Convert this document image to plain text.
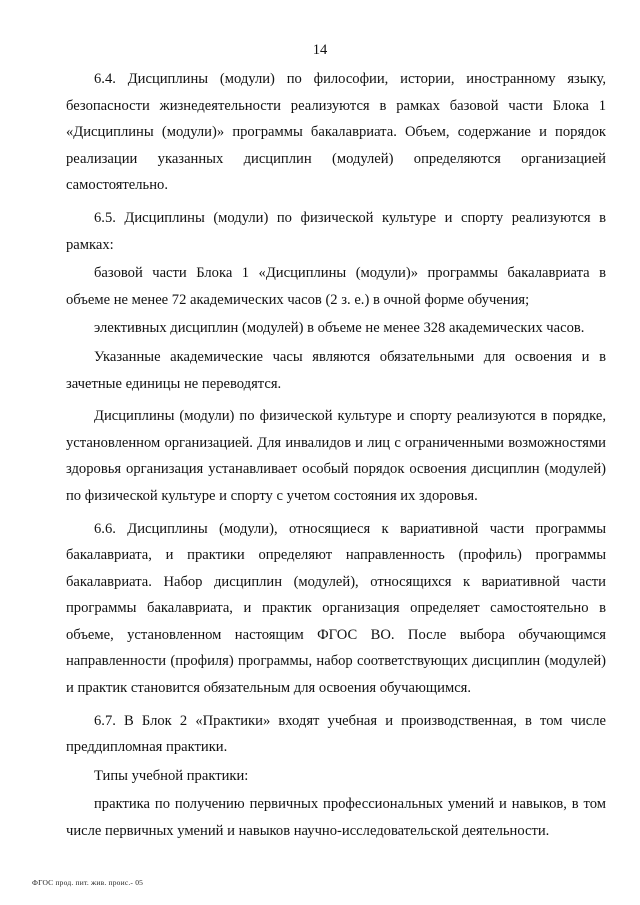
14

6.4. Дисциплины (модули) по философии, истории, иностранному языку, безопасности жизнедеятельности реализуются в рамках базовой части Блока 1 «Дисциплины (модули)» программы бакалавриата. Объем, содержание и порядок реализации указанных дисциплин (модулей) определяются организацией самостоятельно.

6.5. Дисциплины (модули) по физической культуре и спорту реализуются в рамках:

базовой части Блока 1 «Дисциплины (модули)» программы бакалавриата в объеме не менее 72 академических часов (2 з. е.) в очной форме обучения;

элективных дисциплин (модулей) в объеме не менее 328 академических часов.

Указанные академические часы являются обязательными для освоения и в зачетные единицы не переводятся.

Дисциплины (модули) по физической культуре и спорту реализуются в порядке, установленном организацией. Для инвалидов и лиц с ограниченными возможностями здоровья организация устанавливает особый порядок освоения дисциплин (модулей) по физической культуре и спорту с учетом состояния их здоровья.

6.6. Дисциплины (модули), относящиеся к вариативной части программы бакалавриата, и практики определяют направленность (профиль) программы бакалавриата. Набор дисциплин (модулей), относящихся к вариативной части программы бакалавриата, и практик организация определяет самостоятельно в объеме, установленном настоящим ФГОС ВО. После выбора обучающимся направленности (профиля) программы, набор соответствующих дисциплин (модулей) и практик становится обязательным для освоения обучающимся.

6.7. В Блок 2 «Практики» входят учебная и производственная, в том числе преддипломная практики.

Типы учебной практики:

практика по получению первичных профессиональных умений и навыков, в том числе первичных умений и навыков научно-исследовательской деятельности.

ФГОС прод. пит. жив. проис.- 05
